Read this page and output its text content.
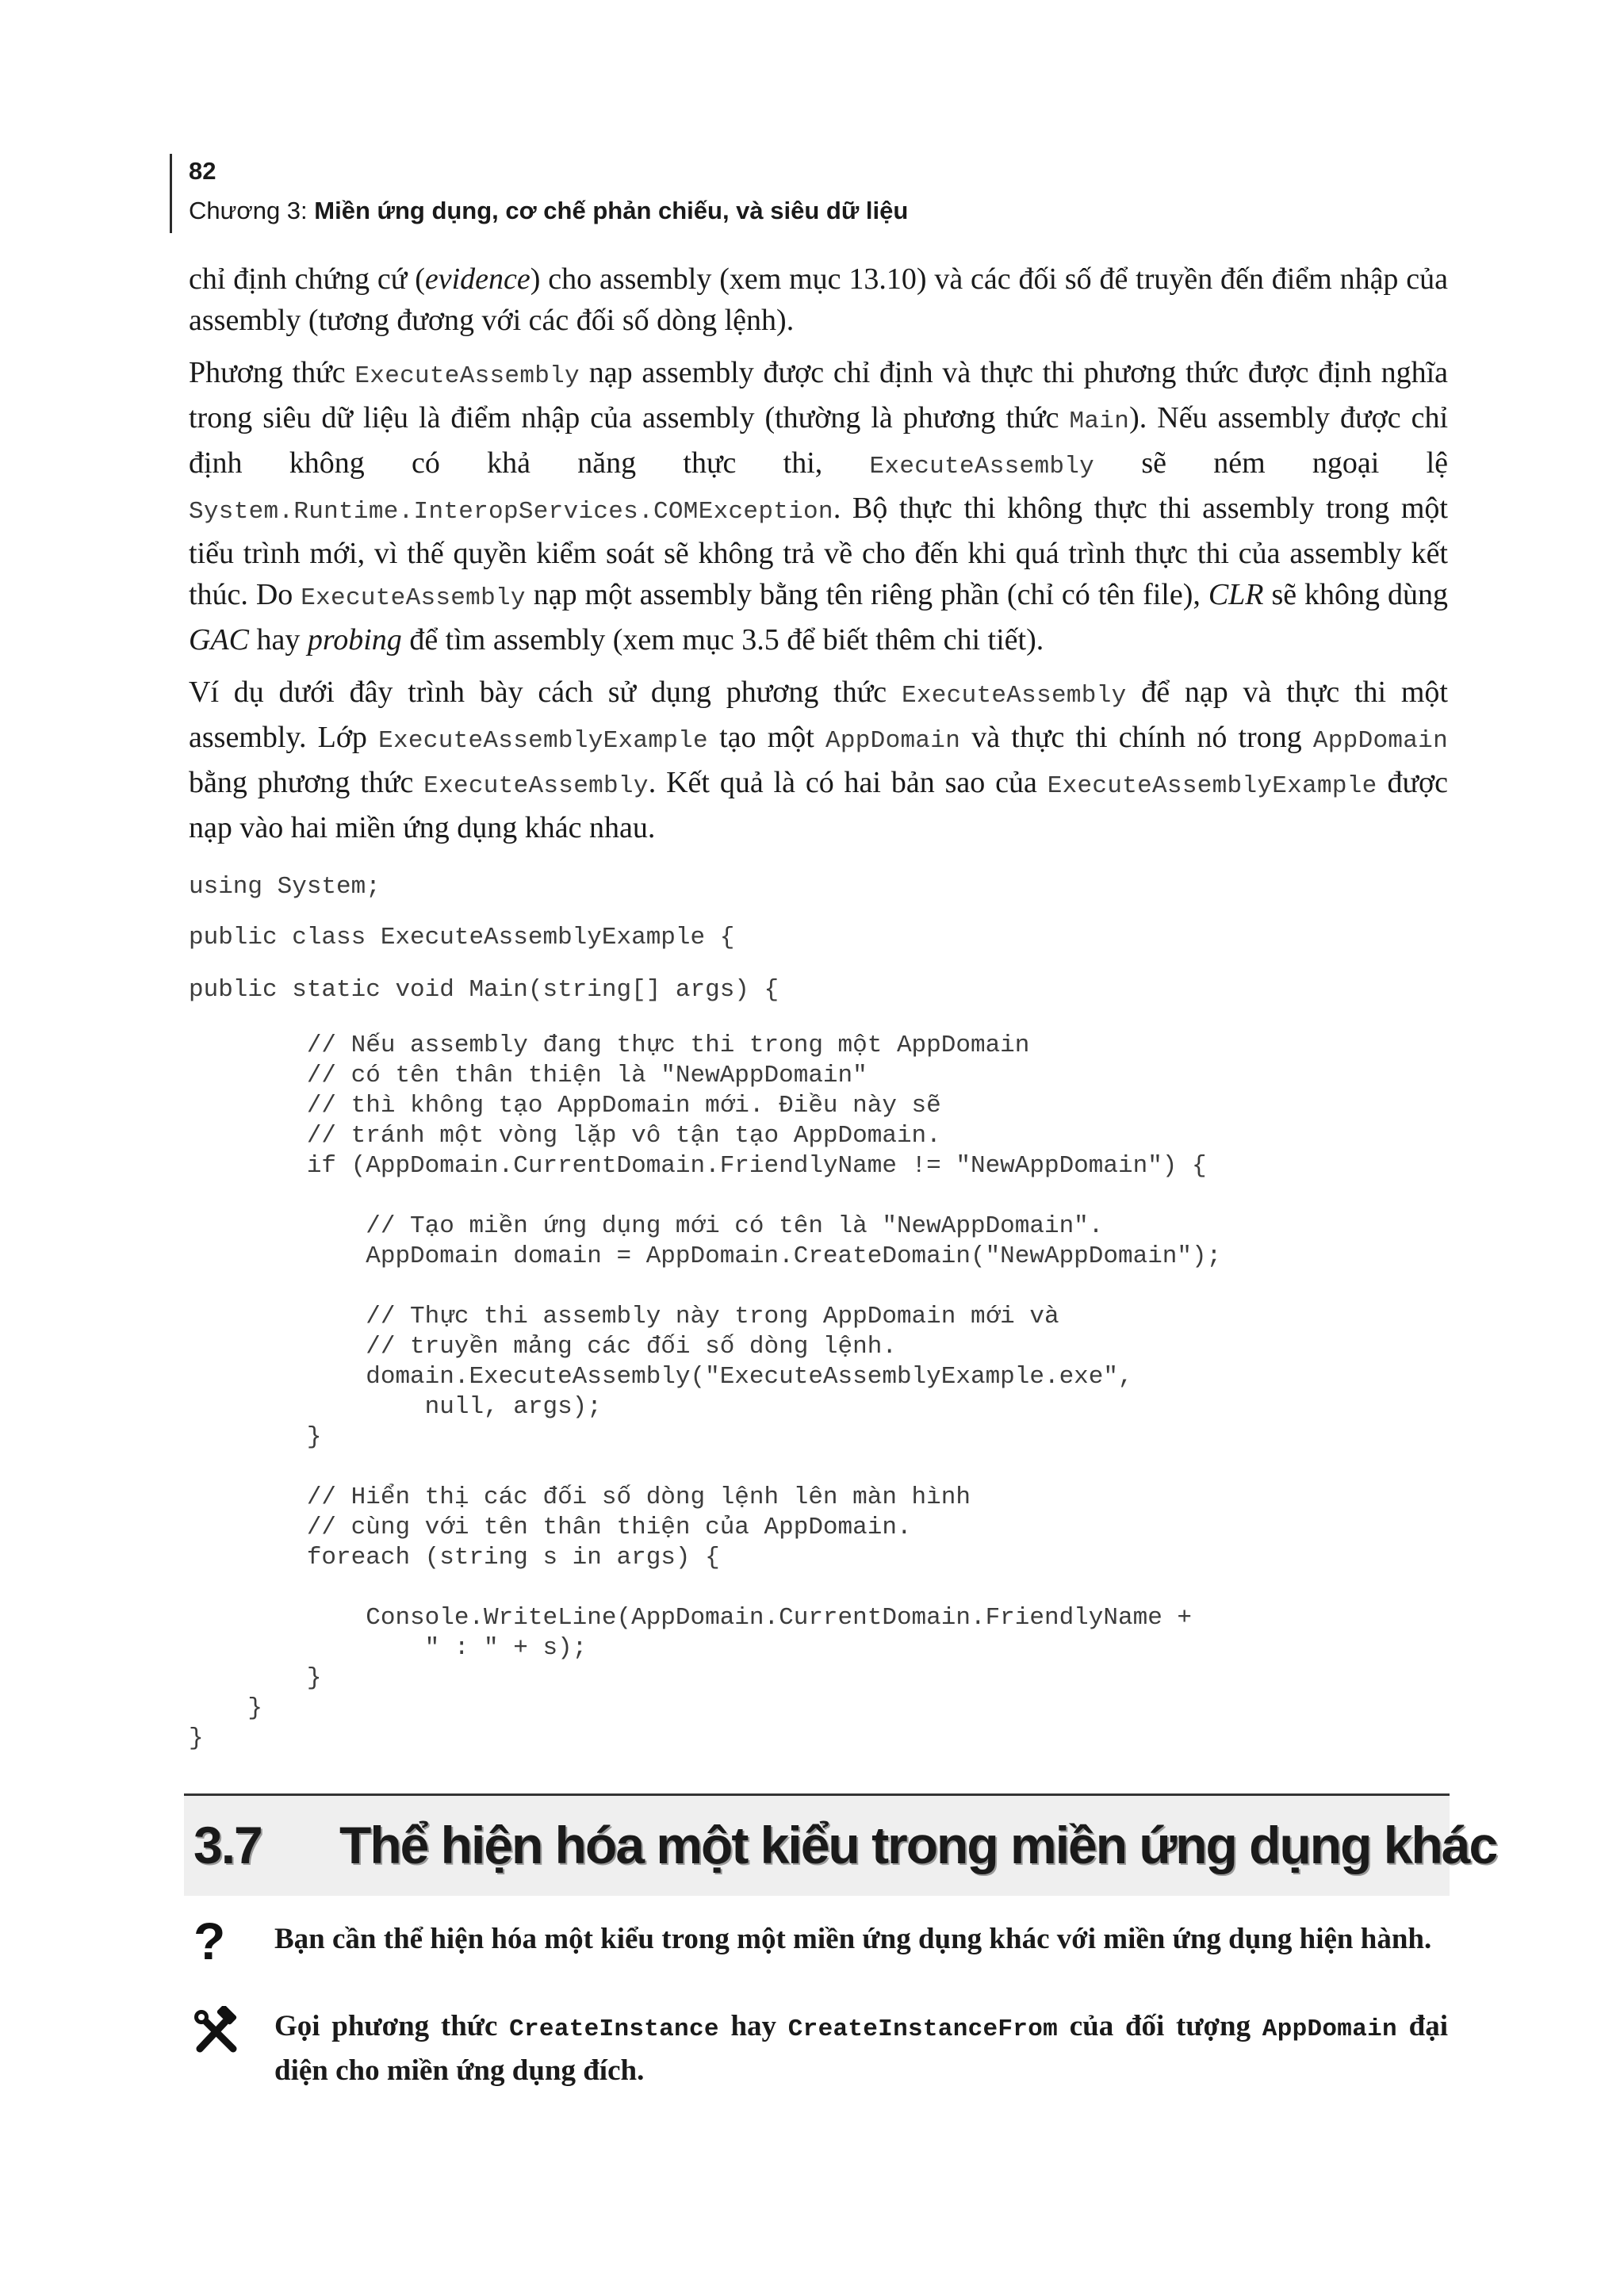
82
Chương 3: Miền ứng dụng, cơ chế phản chiếu, và siêu dữ liệu

chỉ định chứng cứ (evidence) cho assembly (xem mục 13.10) và các đối số để truyền đến điểm nhập của assembly (tương đương với các đối số dòng lệnh).

Phương thức ExecuteAssembly nạp assembly được chỉ định và thực thi phương thức được định nghĩa trong siêu dữ liệu là điểm nhập của assembly (thường là phương thức Main). Nếu assembly được chỉ định không có khả năng thực thi, ExecuteAssembly sẽ ném ngoại lệ System.Runtime.InteropServices.COMException. Bộ thực thi không thực thi assembly trong một tiểu trình mới, vì thế quyền kiểm soát sẽ không trả về cho đến khi quá trình thực thi của assembly kết thúc. Do ExecuteAssembly nạp một assembly bằng tên riêng phần (chỉ có tên file), CLR sẽ không dùng GAC hay probing để tìm assembly (xem mục 3.5 để biết thêm chi tiết).

Ví dụ dưới đây trình bày cách sử dụng phương thức ExecuteAssembly để nạp và thực thi một assembly. Lớp ExecuteAssemblyExample tạo một AppDomain và thực thi chính nó trong AppDomain bằng phương thức ExecuteAssembly. Kết quả là có hai bản sao của ExecuteAssemblyExample được nạp vào hai miền ứng dụng khác nhau.

using System;
public class ExecuteAssemblyExample {
public static void Main(string[] args) {
// Nếu assembly đang thực thi trong một AppDomain
// có tên thân thiện là "NewAppDomain"
// thì không tạo AppDomain mới. Điều này sẽ
// tránh một vòng lặp vô tận tạo AppDomain.
if (AppDomain.CurrentDomain.FriendlyName != "NewAppDomain") {

// Tạo miền ứng dụng mới có tên là "NewAppDomain".
AppDomain domain = AppDomain.CreateDomain("NewAppDomain");

// Thực thi assembly này trong AppDomain mới và
// truyền mảng các đối số dòng lệnh.
domain.ExecuteAssembly("ExecuteAssemblyExample.exe",
null, args);
}

// Hiển thị các đối số dòng lệnh lên màn hình
// cùng với tên thân thiện của AppDomain.
foreach (string s in args) {

Console.WriteLine(AppDomain.CurrentDomain.FriendlyName +
" : " + s);
}
}
}
3.7 Thể hiện hóa một kiểu trong miền ứng dụng khác
? Bạn cần thể hiện hóa một kiểu trong một miền ứng dụng khác với miền ứng dụng hiện hành.
Gọi phương thức CreateInstance hay CreateInstanceFrom của đối tượng AppDomain đại diện cho miền ứng dụng đích.
